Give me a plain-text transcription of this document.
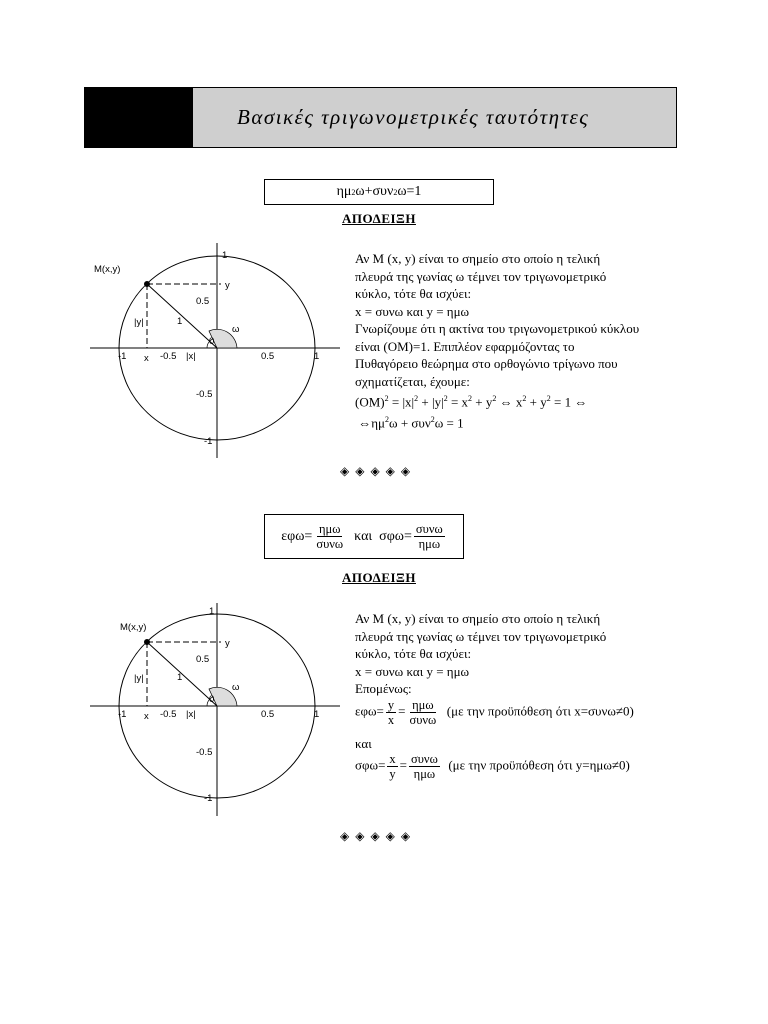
Βασικές τριγωνομετρικές ταυτότητες
ημ 2 ω+συν 2 ω=1
ΑΠΟΔΕΙΞΗ
M(x,y)
y
x
|y|
|x|
1
ω
0
-1	-0.5	0.5	1
1
0.5
-0.5
-1
Αν Μ (x, y) είναι το σημείο στο οποίο η τελική
πλευρά της γωνίας ω τέμνει τον τριγωνομετρικό
κύκλο, τότε θα ισχύει:
x = συνω και y = ημω
Γνωρίζουμε ότι η ακτίνα του τριγωνομετρικού κύκλου
είναι (ΟΜ)=1. Επιπλέον εφαρμόζοντας το
Πυθαγόρειο θεώρημα στο ορθογώνιο τρίγωνο που
σχηματίζεται, έχουμε:
$(OM)^2 = |x|^2 + |y|^2 = x^2 + y^2$ ⇔ $x^2 + y^2 = 1$ ⇔
$\Leftrightarrow\eta\mu^2\omega + \sigma\upsilon\nu^2\omega = 1$
◈◈◈◈◈
$\varepsilon\varphi\omega= \frac{\text{ημω}}{\text{συνω}}$ και  $\sigma\varphi\omega= \frac{\text{συνω}}{\text{ημω}}$
ΑΠΟΔΕΙΞΗ
M(x,y)
y
x
|y|
|x|
1
ω
0
-1	-0.5	0.5	1
1
0.5
-0.5
-1
Αν Μ (x, y) είναι το σημείο στο οποίο η τελική
πλευρά της γωνίας ω τέμνει τον τριγωνομετρικό
κύκλο, τότε θα ισχύει:
x = συνω και y = ημω
Επομένως:
$\varepsilon\varphi\omega= \frac{y}{x} = \frac{\text{ημω}}{\text{συνω}} (\mu\varepsilon$ την προϋπόθεση ότι x=συνω≠0)
και
$\sigma\varphi\omega= \frac{x}{y} = \frac{\text{συνω}}{\text{ημω}} (\mu\varepsilon$ την προϋπόθεση ότι y=ημω≠0)
◈◈◈◈◈
